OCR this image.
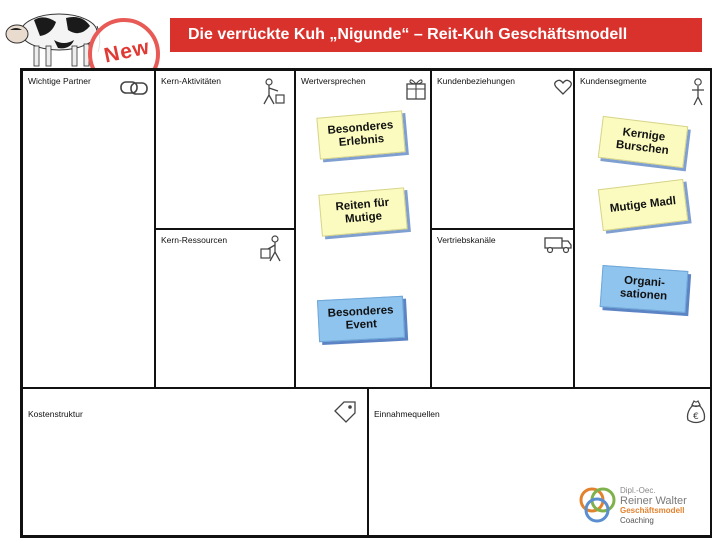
Die verrückte Kuh „Nigunde“ – Reit-Kuh Geschäftsmodell
New
Wichtige Partner	Kern-Aktivitäten
Kern-Ressourcen
Wertversprechen	Kundenbeziehungen
Vertriebskanäle
Kundensegmente
Kostenstruktur	Einnahmequellen	€
Besonderes Erlebnis
Reiten für Mutige
Besonderes Event
Kernige Burschen
Mutige Madl
Organi-sationen
Dipl.-Oec.
Reiner Walter
Geschäftsmodell Coaching
